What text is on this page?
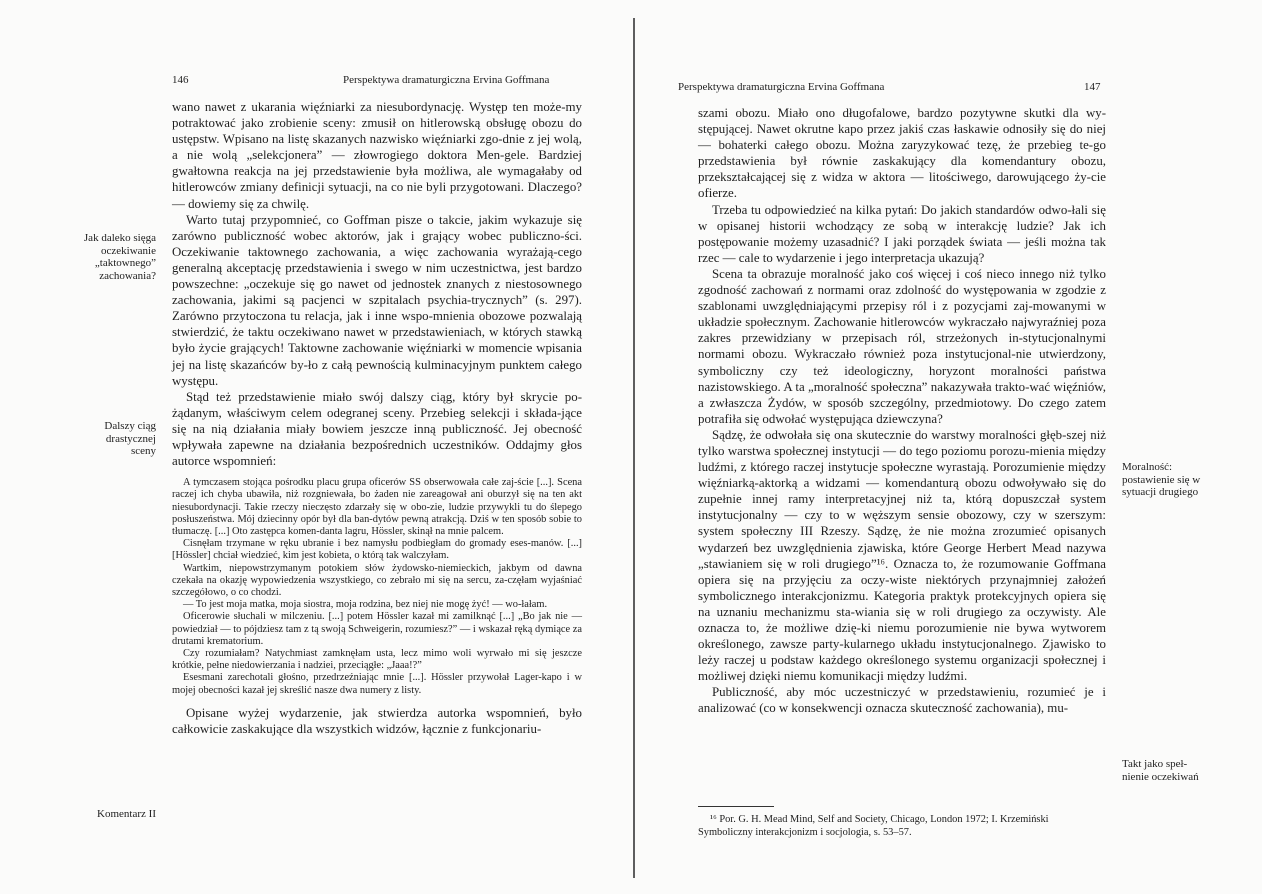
146	Perspektywa dramaturgiczna Ervina Goffmana
Jak daleko sięga oczekiwanie „taktownego” zachowania?
Dalszy ciąg drastycznej sceny
Komentarz II

wano nawet z ukarania więźniarki za niesubordynację. Występ ten może-my potraktować jako zrobienie sceny: zmusił on hitlerowską obsługę obozu do ustępstw. Wpisano na listę skazanych nazwisko więźniarki zgo-dnie z jej wolą, a nie wolą „selekcjonera” — złowrogiego doktora Men-gele. Bardziej gwałtowna reakcja na jej przedstawienie była możliwa, ale wymagałaby od hitlerowców zmiany definicji sytuacji, na co nie byli przygotowani. Dlaczego? — dowiemy się za chwilę.

Warto tutaj przypomnieć, co Goffman pisze o takcie, jakim wykazuje się zarówno publiczność wobec aktorów, jak i grający wobec publiczno-ści. Oczekiwanie taktownego zachowania, a więc zachowania wyrażają-cego generalną akceptację przedstawienia i swego w nim uczestnictwa, jest bardzo powszechne: „oczekuje się go nawet od jednostek znanych z niestosownego zachowania, jakimi są pacjenci w szpitalach psychia-trycznych” (s. 297). Zarówno przytoczona tu relacja, jak i inne wspo-mnienia obozowe pozwalają stwierdzić, że taktu oczekiwano nawet w przedstawieniach, w których stawką było życie grających! Taktowne zachowanie więźniarki w momencie wpisania jej na listę skazańców by-ło z całą pewnością kulminacyjnym punktem całego występu.

Stąd też przedstawienie miało swój dalszy ciąg, który był skrycie po-żądanym, właściwym celem odegranej sceny. Przebieg selekcji i składa-jące się na nią działania miały bowiem jeszcze inną publiczność. Jej obecność wpływała zapewne na działania bezpośrednich uczestników. Oddajmy głos autorce wspomnień:

A tymczasem stojąca pośrodku placu grupa oficerów SS obserwowała całe zaj-ście [...]. Scena raczej ich chyba ubawiła, niż rozgniewała, bo żaden nie zareagował ani oburzył się na ten akt niesubordynacji. Takie rzeczy nieczęsto zdarzały się w obo-zie, ludzie przywykli tu do ślepego posłuszeństwa. Mój dziecinny opór był dla ban-dytów pewną atrakcją. Dziś w ten sposób sobie to tłumaczę. [...] Oto zastępca komen-danta lagru, Hössler, skinął na mnie palcem.

Cisnęłam trzymane w ręku ubranie i bez namysłu podbiegłam do gromady eses-manów. [...] [Hössler] chciał wiedzieć, kim jest kobieta, o którą tak walczyłam.

Wartkim, niepowstrzymanym potokiem słów żydowsko-niemieckich, jakbym od dawna czekała na okazję wypowiedzenia wszystkiego, co zebrało mi się na sercu, za-częłam wyjaśniać szczegółowo, o co chodzi.

— To jest moja matka, moja siostra, moja rodzina, bez niej nie mogę żyć! — wo-łałam.

Oficerowie słuchali w milczeniu. [...] potem Hössler kazał mi zamilknąć [...] „Bo jak nie — powiedział — to pójdziesz tam z tą swoją Schweigerin, rozumiesz?” — i wskazał ręką dymiące za drutami krematorium.

Czy rozumiałam? Natychmiast zamknęłam usta, lecz mimo woli wyrwało mi się jeszcze krótkie, pełne niedowierzania i nadziei, przeciągłe: „Jaaa!?”

Esesmani zarechotali głośno, przedrzeźniając mnie [...]. Hössler przywołał Lager-kapo i w mojej obecności kazał jej skreślić nasze dwa numery z listy.

Opisane wyżej wydarzenie, jak stwierdza autorka wspomnień, było całkowicie zaskakujące dla wszystkich widzów, łącznie z funkcjonariu-

Perspektywa dramaturgiczna Ervina Goffmana	147
Moralność: postawienie się w sytuacji drugiego
Takt jako speł-nienie oczekiwań

szami obozu. Miało ono długofalowe, bardzo pozytywne skutki dla wy-stępującej. Nawet okrutne kapo przez jakiś czas łaskawie odnosiły się do niej — bohaterki całego obozu. Można zaryzykować tezę, że przebieg te-go przedstawienia był równie zaskakujący dla komendantury obozu, przekształcającej się z widza w aktora — litościwego, darowującego ży-cie ofierze.

Trzeba tu odpowiedzieć na kilka pytań: Do jakich standardów odwo-łali się w opisanej historii wchodzący ze sobą w interakcję ludzie? Jak ich postępowanie możemy uzasadnić? I jaki porządek świata — jeśli można tak rzec — cale to wydarzenie i jego interpretacja ukazują?

Scena ta obrazuje moralność jako coś więcej i coś nieco innego niż tylko zgodność zachowań z normami oraz zdolność do występowania w zgodzie z szablonami uwzględniającymi przepisy ról i z pozycjami zaj-mowanymi w układzie społecznym. Zachowanie hitlerowców wykraczało najwyraźniej poza zakres przewidziany w przepisach ról, strzeżonych in-stytucjonalnymi normami obozu. Wykraczało również poza instytucjonal-nie utwierdzony, symboliczny czy też ideologiczny, horyzont moralności państwa nazistowskiego. A ta „moralność społeczna” nakazywała trakto-wać więźniów, a zwłaszcza Żydów, w sposób szczególny, przedmiotowy. Do czego zatem potrafiła się odwołać występująca dziewczyna?

Sądzę, że odwołała się ona skutecznie do warstwy moralności głęb-szej niż tylko warstwa społecznej instytucji — do tego poziomu porozu-mienia między ludźmi, z którego raczej instytucje społeczne wyrastają. Porozumienie między więźniarką-aktorką a widzami — komendanturą obozu odwoływało się do zupełnie innej ramy interpretacyjnej niż ta, którą dopuszczał system instytucjonalny — czy to w węższym sensie obozowy, czy w szerszym: system społeczny III Rzeszy. Sądzę, że nie można zrozumieć opisanych wydarzeń bez uwzględnienia zjawiska, które George Herbert Mead nazywa „stawianiem się w roli drugiego”¹⁶. Oznacza to, że rozumowanie Goffmana opiera się na przyjęciu za oczy-wiste niektórych przynajmniej założeń symbolicznego interakcjonizmu. Kategoria praktyk protekcyjnych opiera się na uznaniu mechanizmu sta-wiania się w roli drugiego za oczywisty. Ale oznacza to, że możliwe dzię-ki niemu porozumienie nie bywa wytworem określonego, zawsze party-kularnego układu instytucjonalnego. Zjawisko to leży raczej u podstaw każdego określonego systemu organizacji społecznej i możliwej dzięki niemu komunikacji między ludźmi.

Publiczność, aby móc uczestniczyć w przedstawieniu, rozumieć je i analizować (co w konsekwencji oznacza skuteczność zachowania), mu-

¹⁶ Por. G. H. Mead Mind, Self and Society, Chicago, London 1972; I. Krzemiński
Symboliczny interakcjonizm i socjologia, s. 53–57.
